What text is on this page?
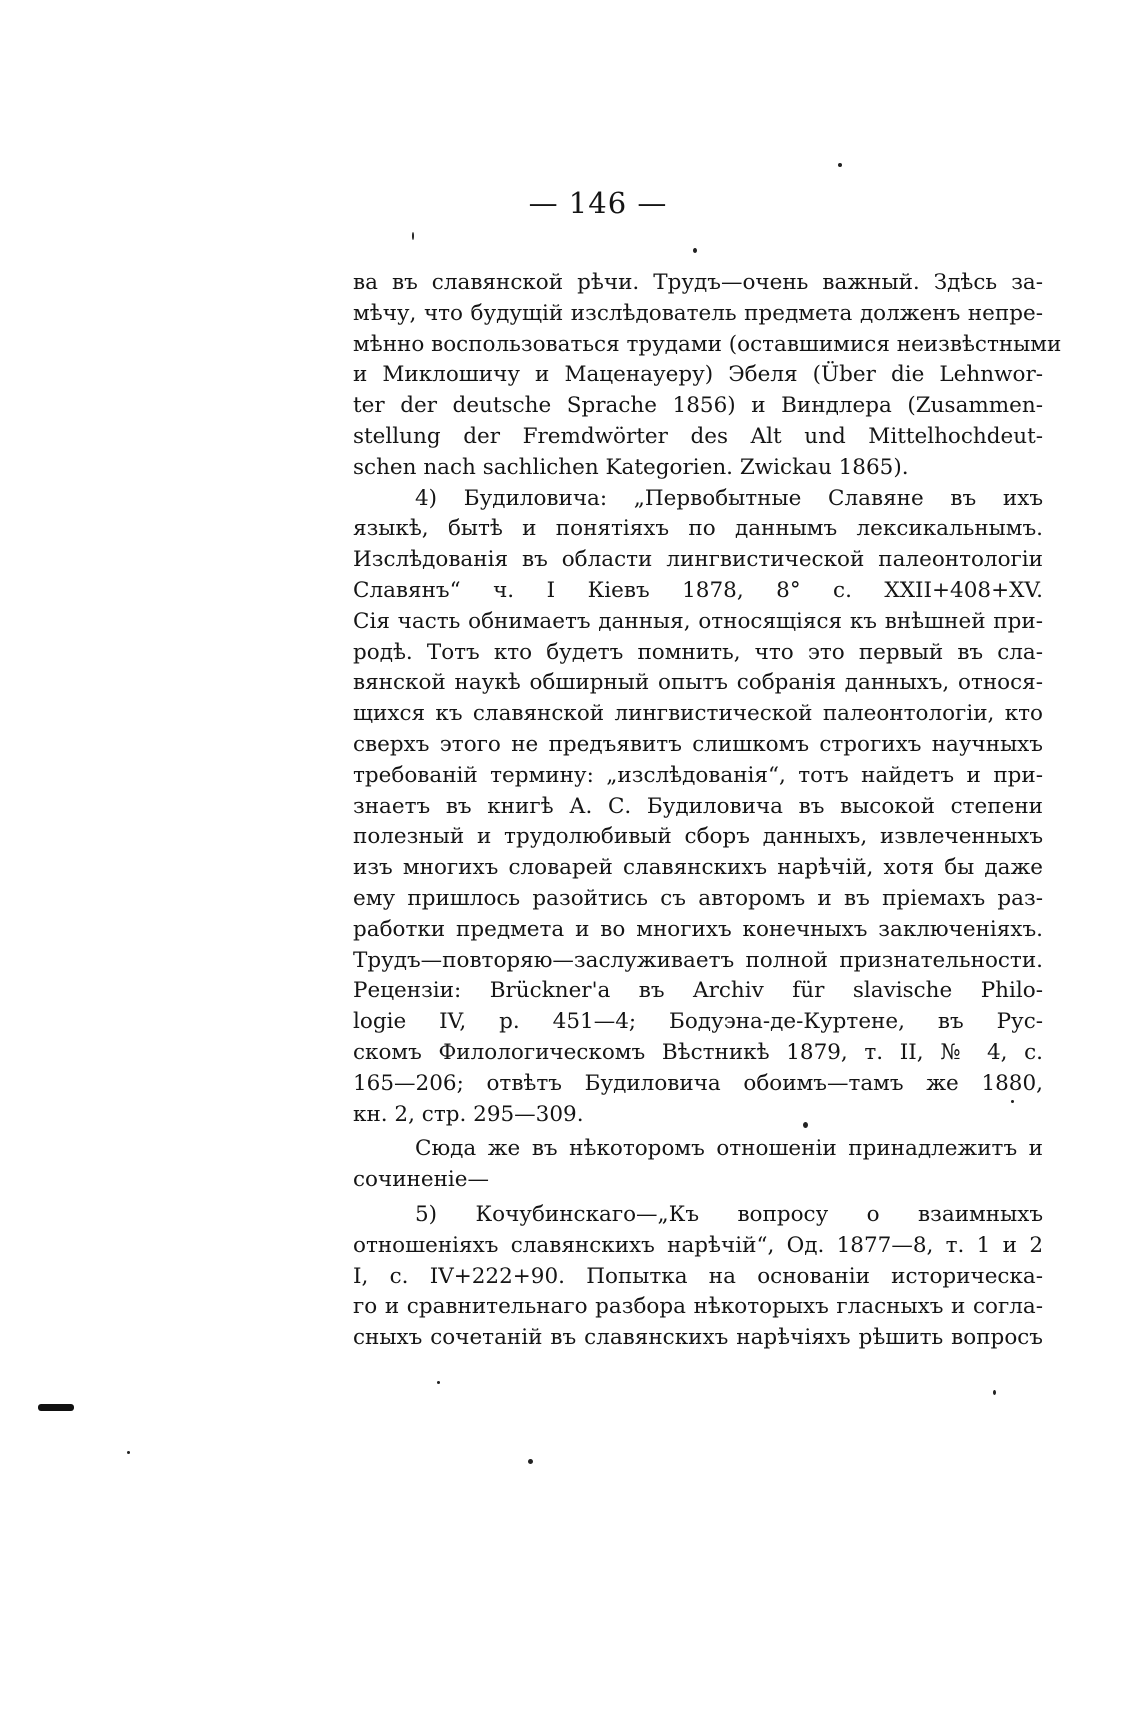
— 146 —
ва въ славянской рѣчи. Трудъ—очень важный. Здѣсь за-
мѣчу, что будущій изслѣдователь предмета долженъ непре-
мѣнно воспользоваться трудами (оставшимися неизвѣстными
и Миклошичу и Маценауеру) Эбеля (Über die Lehnwor-
ter der deutsche Sprache 1856) и Виндлера (Zusammen-
stellung der Fremdwörter des Alt und Mittelhochdeut-
schen nach sachlichen Kategorien. Zwickau 1865).
4) Будиловича: „Первобытные Славяне въ ихъ
языкѣ, бытѣ и понятіяхъ по даннымъ лексикальнымъ.
Изслѣдованія въ области лингвистической палеонтологіи
Славянъ“ ч. I Кіевъ 1878, 8° с. XXII+408+XV.
Сія часть обнимаетъ данныя, относящіяся къ внѣшней при-
родѣ. Тотъ кто будетъ помнить, что это первый въ сла-
вянской наукѣ обширный опытъ собранія данныхъ, относя-
щихся къ славянской лингвистической палеонтологіи, кто
сверхъ этого не предъявитъ слишкомъ строгихъ научныхъ
требованій термину: „изслѣдованія“, тотъ найдетъ и при-
знаетъ въ книгѣ А. С. Будиловича въ высокой степени
полезный и трудолюбивый сборъ данныхъ, извлеченныхъ
изъ многихъ словарей славянскихъ нарѣчій, хотя бы даже
ему пришлось разойтись съ авторомъ и въ пріемахъ раз-
работки предмета и во многихъ конечныхъ заключеніяхъ.
Трудъ—повторяю—заслуживаетъ полной признательности.
Рецензіи: Brückner'а въ Archiv für slavische Philo-
logie IV, p. 451—4; Бодуэна-де-Куртене, въ Рус-
скомъ Филологическомъ Вѣстникѣ 1879, т. II, № 4, с.
165—206; отвѣтъ Будиловича обоимъ—тамъ же 1880,
кн. 2, стр. 295—309.
Сюда же въ нѣкоторомъ отношеніи принадлежитъ и
сочиненіе—
5) Кочубинскаго—„Къ вопросу о взаимныхъ
отношеніяхъ славянскихъ нарѣчій“, Од. 1877—8, т. 1 и 2
I, с. IV+222+90. Попытка на основаніи историческа-
го и сравнительнаго разбора нѣкоторыхъ гласныхъ и согла-
сныхъ сочетаній въ славянскихъ нарѣчіяхъ рѣшить вопросъ
